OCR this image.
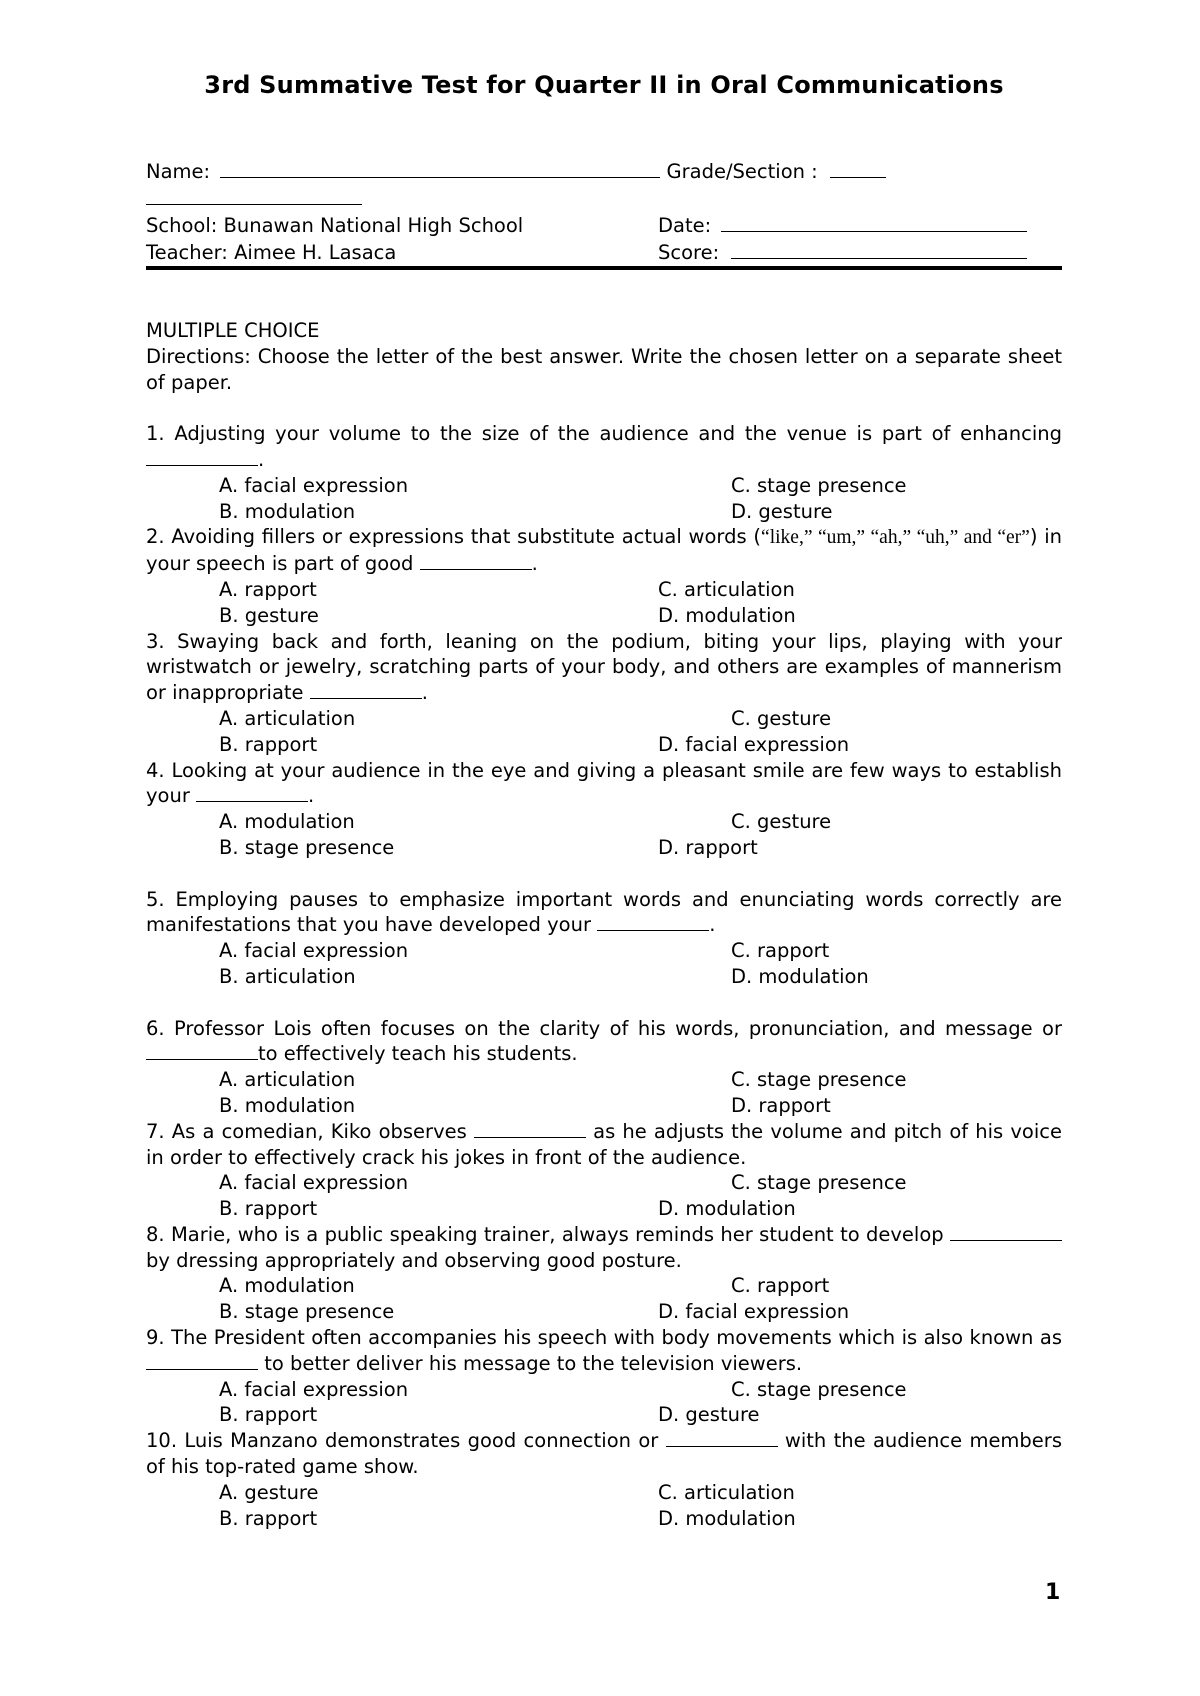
3rd Summative Test for Quarter II in Oral Communications
Name:	Grade/Section :
School: Bunawan National High School	Date:
Teacher: Aimee H. Lasaca	Score:

MULTIPLE CHOICE

Directions: Choose the letter of the best answer. Write the chosen letter on a separate sheet of paper.

1. Adjusting your volume to the size of the audience and the venue is part of enhancing .

A. facial expression
B. modulation
C. stage presence
D. gesture

2. Avoiding fillers or expressions that substitute actual words (“like,” “um,” “ah,” “uh,” and “er”) in your speech is part of good	.

A. rapport
B. gesture
C. articulation
D. modulation

3. Swaying back and forth, leaning on the podium, biting your lips, playing with your wristwatch or jewelry, scratching parts of your body, and others are examples of mannerism or inappropriate	.

A. articulation
B. rapport
C. gesture
D. facial expression

4. Looking at your audience in the eye and giving a pleasant smile are few ways to establish your	.

A. modulation
B. stage presence
C. gesture
D. rapport

5. Employing pauses to emphasize important words and enunciating words correctly are manifestations that you have developed your	.

A. facial expression
B. articulation
C. rapport
D. modulation

6. Professor Lois often focuses on the clarity of his words, pronunciation, and message or to effectively teach his students.

A. articulation
B. modulation
C. stage presence
D. rapport

7. As a comedian, Kiko observes	as he adjusts the volume and pitch of his voice in order to effectively crack his jokes in front of the audience.

A. facial expression
B. rapport
C. stage presence
D. modulation

8. Marie, who is a public speaking trainer, always reminds her student to develop  by dressing appropriately and observing good posture.

A. modulation
B. stage presence
C. rapport
D. facial expression

9. The President often accompanies his speech with body movements which is also known as  to better deliver his message to the television viewers.

A. facial expression
B. rapport
C. stage presence
D. gesture

10. Luis Manzano demonstrates good connection or	with the audience members of his top-rated game show.

A. gesture
B. rapport
C. articulation
D. modulation
1
